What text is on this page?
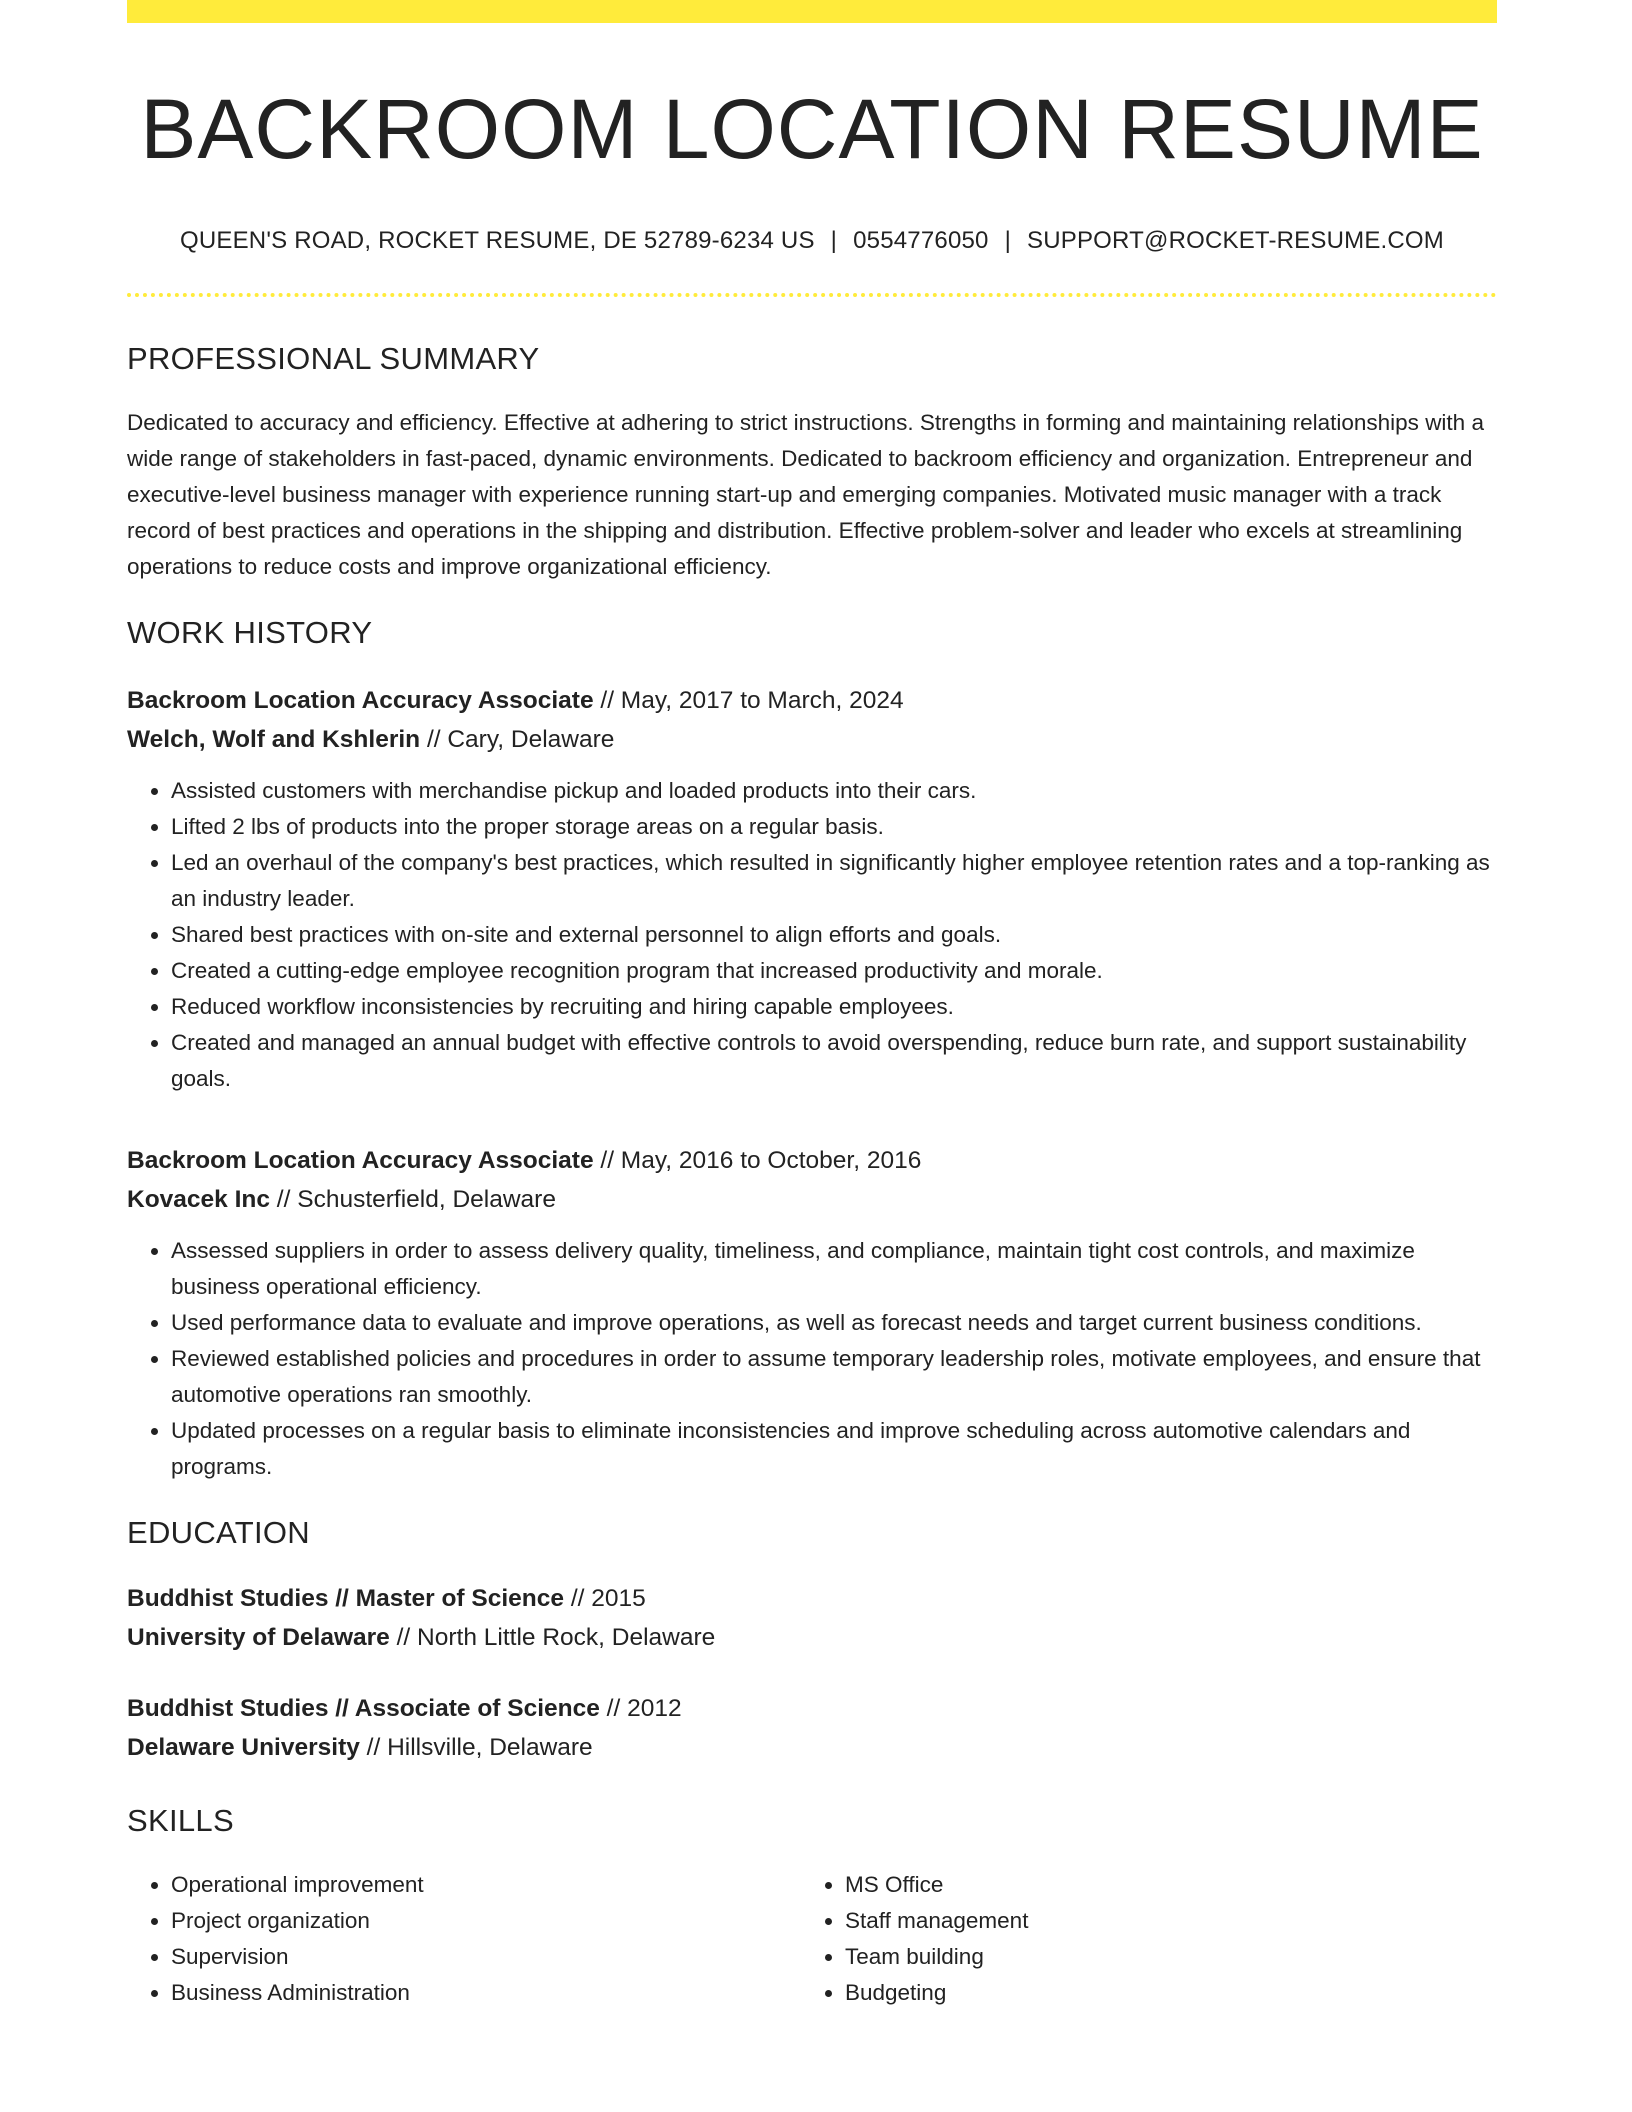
BACKROOM LOCATION RESUME
QUEEN'S ROAD, ROCKET RESUME, DE 52789-6234 US | 0554776050 | SUPPORT@ROCKET-RESUME.COM
PROFESSIONAL SUMMARY
Dedicated to accuracy and efficiency. Effective at adhering to strict instructions. Strengths in forming and maintaining relationships with a wide range of stakeholders in fast-paced, dynamic environments. Dedicated to backroom efficiency and organization. Entrepreneur and executive-level business manager with experience running start-up and emerging companies. Motivated music manager with a track record of best practices and operations in the shipping and distribution. Effective problem-solver and leader who excels at streamlining operations to reduce costs and improve organizational efficiency.
WORK HISTORY
Backroom Location Accuracy Associate // May, 2017 to March, 2024
Welch, Wolf and Kshlerin // Cary, Delaware
• Assisted customers with merchandise pickup and loaded products into their cars.
• Lifted 2 lbs of products into the proper storage areas on a regular basis.
• Led an overhaul of the company's best practices, which resulted in significantly higher employee retention rates and a top-ranking as an industry leader.
• Shared best practices with on-site and external personnel to align efforts and goals.
• Created a cutting-edge employee recognition program that increased productivity and morale.
• Reduced workflow inconsistencies by recruiting and hiring capable employees.
• Created and managed an annual budget with effective controls to avoid overspending, reduce burn rate, and support sustainability goals.
Backroom Location Accuracy Associate // May, 2016 to October, 2016
Kovacek Inc // Schusterfield, Delaware
• Assessed suppliers in order to assess delivery quality, timeliness, and compliance, maintain tight cost controls, and maximize business operational efficiency.
• Used performance data to evaluate and improve operations, as well as forecast needs and target current business conditions.
• Reviewed established policies and procedures in order to assume temporary leadership roles, motivate employees, and ensure that automotive operations ran smoothly.
• Updated processes on a regular basis to eliminate inconsistencies and improve scheduling across automotive calendars and programs.
EDUCATION
Buddhist Studies // Master of Science // 2015
University of Delaware // North Little Rock, Delaware
Buddhist Studies // Associate of Science // 2012
Delaware University // Hillsville, Delaware
SKILLS
• Operational improvement
• Project organization
• Supervision
• Business Administration
• MS Office
• Staff management
• Team building
• Budgeting
